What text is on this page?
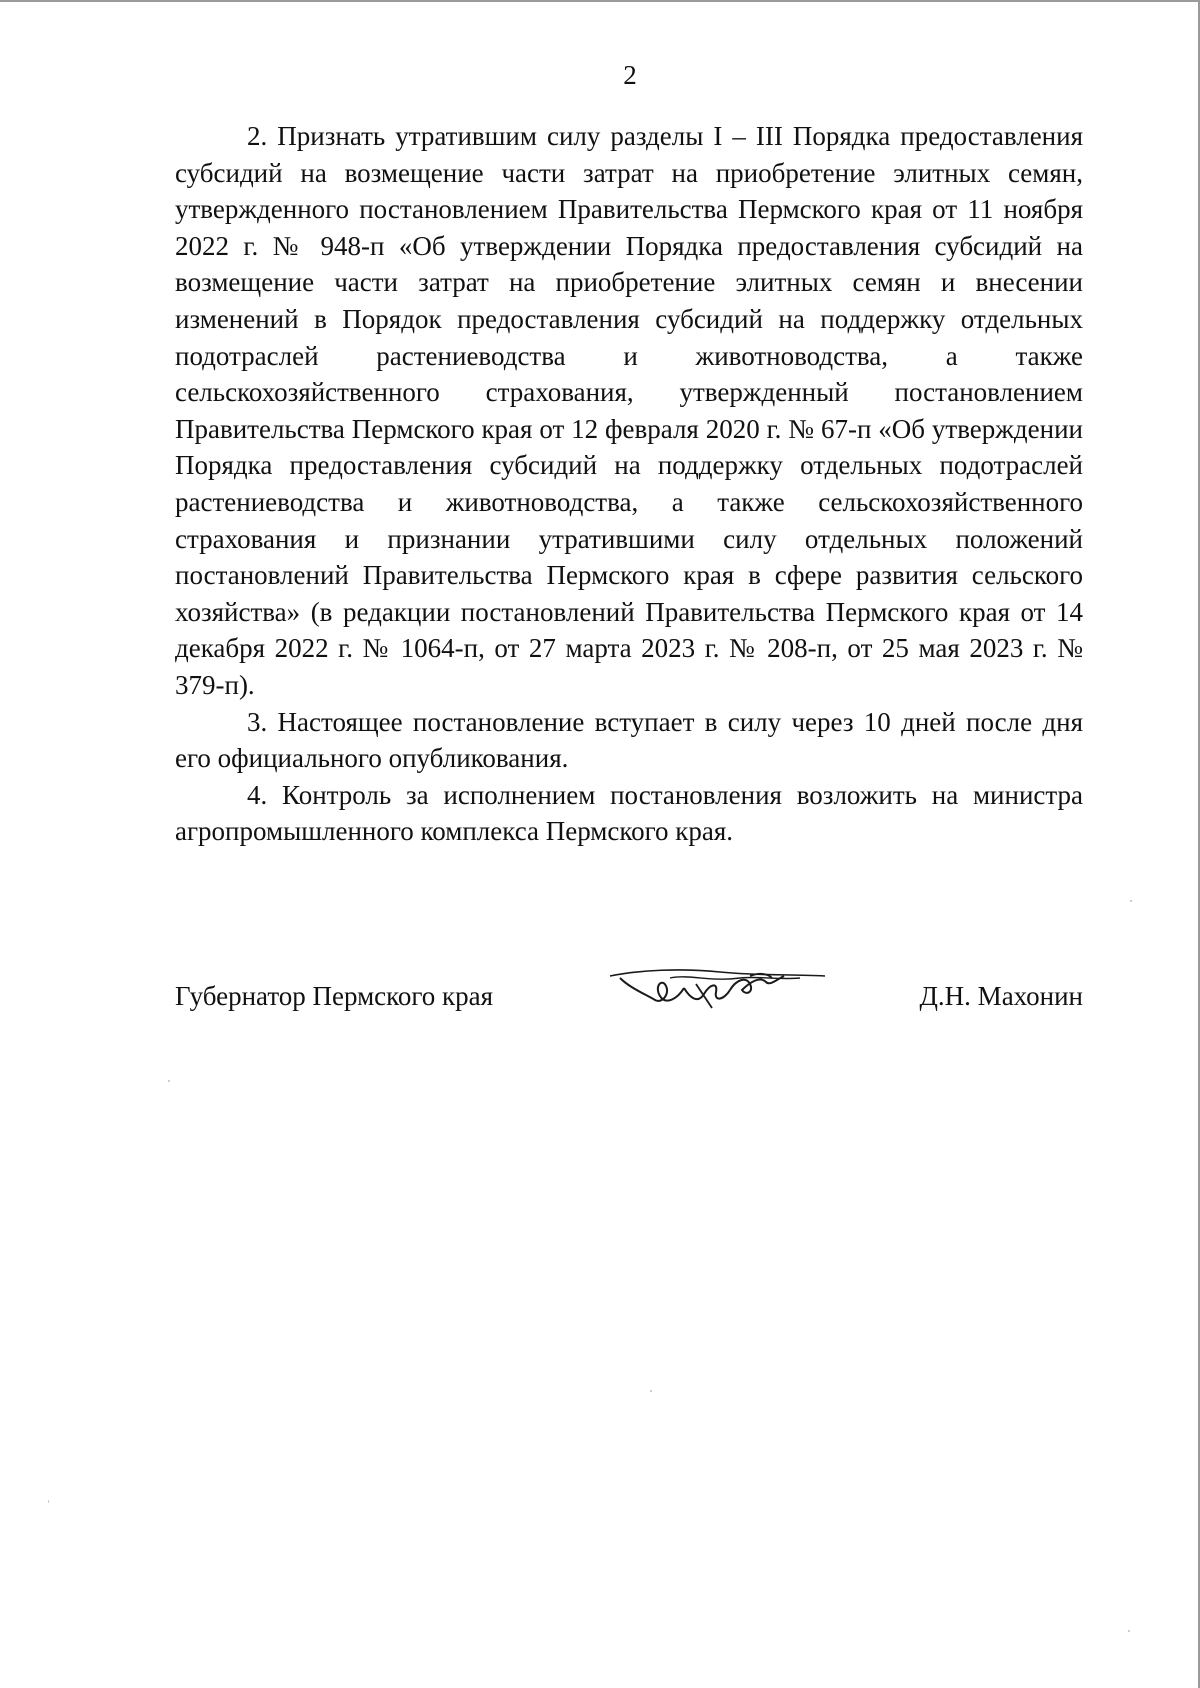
2

2. Признать утратившим силу разделы I – III Порядка предоставления субсидий на возмещение части затрат на приобретение элитных семян, утвержденного постановлением Правительства Пермского края от 11 ноября 2022 г. № 948-п «Об утверждении Порядка предоставления субсидий на возмещение части затрат на приобретение элитных семян и внесении изменений в Порядок предоставления субсидий на поддержку отдельных подотраслей растениеводства и животноводства, а также сельскохозяйственного страхования, утвержденный постановлением Правительства Пермского края от 12 февраля 2020 г. № 67-п «Об утверждении Порядка предоставления субсидий на поддержку отдельных подотраслей растениеводства и животноводства, а также сельскохозяйственного страхования и признании утратившими силу отдельных положений постановлений Правительства Пермского края в сфере развития сельского хозяйства» (в редакции постановлений Правительства Пермского края от 14 декабря 2022 г. № 1064-п, от 27 марта 2023 г. № 208-п, от 25 мая 2023 г. № 379-п).

3. Настоящее постановление вступает в силу через 10 дней после дня его официального опубликования.

4. Контроль за исполнением постановления возложить на министра агропромышленного комплекса Пермского края.

Губернатор Пермского края	Д.Н. Махонин
